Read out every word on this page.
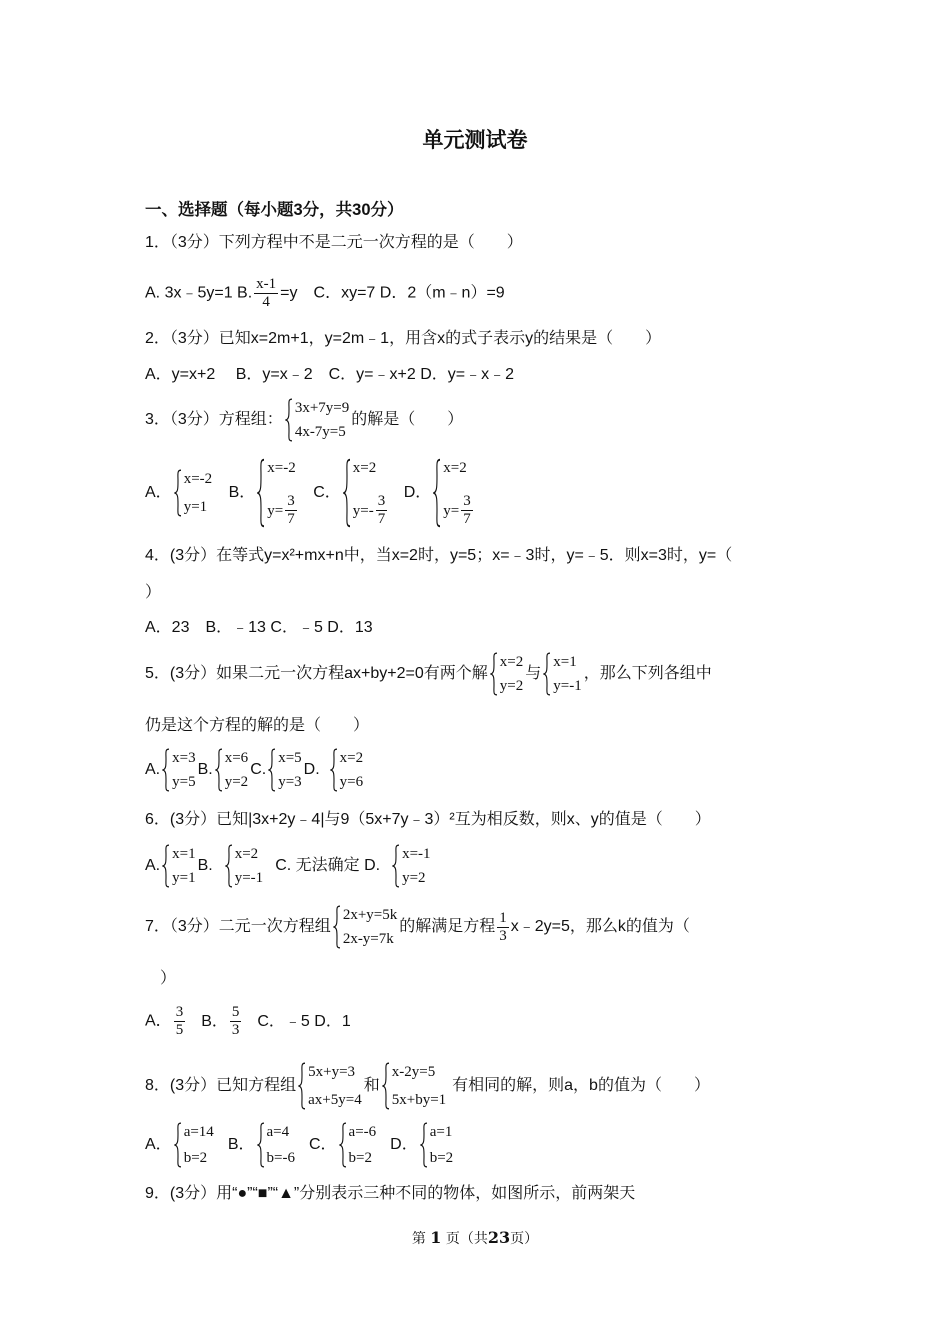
单元测试卷
一、选择题（每小题3分，共30分）
1．（3分）下列方程中不是二元一次方程的是（　　）
A. 3x﹣5y=1 B. $\frac{x-1}{4} =y$　C．xy=7 D．2（m﹣n）=9
2．（3分）已知x=2m+1，y=2m﹣1，用含x的式子表示y的结果是（　　）
A．y=x+2　 B．y=x﹣2　C．y=﹣x+2 D．y=﹣x﹣2
3．（3分）方程组：
3x+7y=9
4x-7y=5
的解是（　　）
A．
x=-2
y=1
B．
x=-2
$y= \frac{3}{7}$
C．
x=2
$y=- \frac{3}{7}$
D．
x=2
$y= \frac{3}{7}$
4．(3分）在等式y=x²+mx+n中，当x=2时，y=5；x=﹣3时，y=﹣5．则x=3时，y=（
）
A．23　B．﹣13 C．﹣5 D．13
5．(3分）如果二元一次方程ax+by+2=0有两个解
x=2
y=2
与
x=1
y=-1
，那么下列各组中
仍是这个方程的解的是（　　）
A.
x=3
y=5
B.
x=6
y=2
C.
x=5
y=3
D.
x=2
y=6
6．(3分）已知|3x+2y﹣4|与9（5x+7y﹣3）²互为相反数，则x、y的值是（　　）
A.
x=1
y=1
B.
x=2
y=-1
C. 无法确定 D.
x=-1
y=2
7．（3分）二元一次方程组
2x+y=5k
2x-y=7k
的解满足方程 $\frac{1}{3}$ x﹣2y=5，那么k的值为（
）
A． $\frac{3}{5}$ B． $\frac{5}{3}$ C．﹣5 D．1
8．(3分）已知方程组
5x+y=3
ax+5y=4
和
x-2y=5
5x+by=1
有相同的解，则a，b的值为（　　）
A．
a=14
b=2
B．
a=4
b=-6
C．
a=-6
b=2
D．
a=1
b=2
9．(3分）用“●”“■”“▲”分别表示三种不同的物体，如图所示，前两架天
第 1 页（共23页）
